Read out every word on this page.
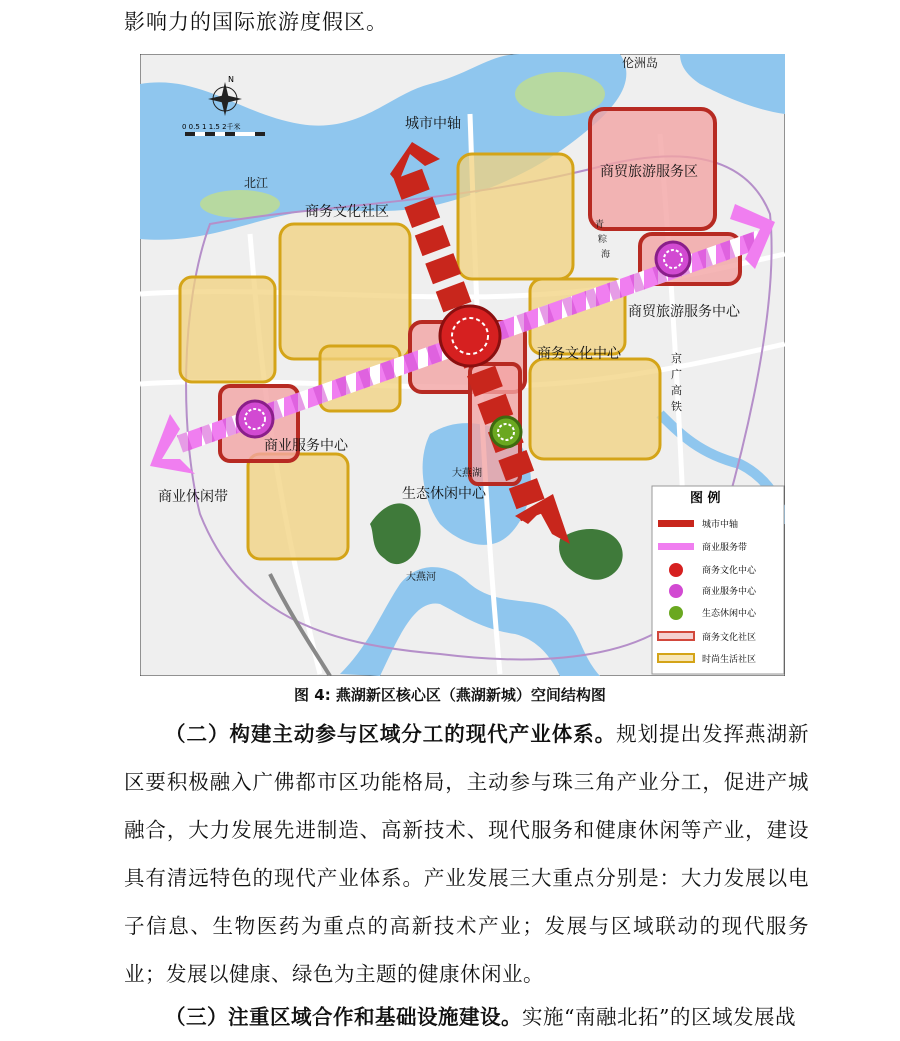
影响力的国际旅游度假区。
N
0 0.5 1 1.5 2千米
伦洲岛
北江
城市中轴
商贸旅游服务区
商务文化社区
青
粽
海
商贸旅游服务中心
商务文化中心	京
广
高
铁
商业服务中心
商业休闲带	生态休闲中心
大燕湖
大燕河
图 例
城市中轴
商业服务带
商务文化中心
商业服务中心
生态休闲中心
商务文化社区
时尚生活社区
图 4: 燕湖新区核心区（燕湖新城）空间结构图
（二）构建主动参与区域分工的现代产业体系。规划提出发挥燕湖新区要积极融入广佛都市区功能格局，主动参与珠三角产业分工，促进产城融合，大力发展先进制造、高新技术、现代服务和健康休闲等产业，建设具有清远特色的现代产业体系。产业发展三大重点分别是：大力发展以电子信息、生物医药为重点的高新技术产业；发展与区域联动的现代服务业；发展以健康、绿色为主题的健康休闲业。
（三）注重区域合作和基础设施建设。实施“南融北拓”的区域发展战
